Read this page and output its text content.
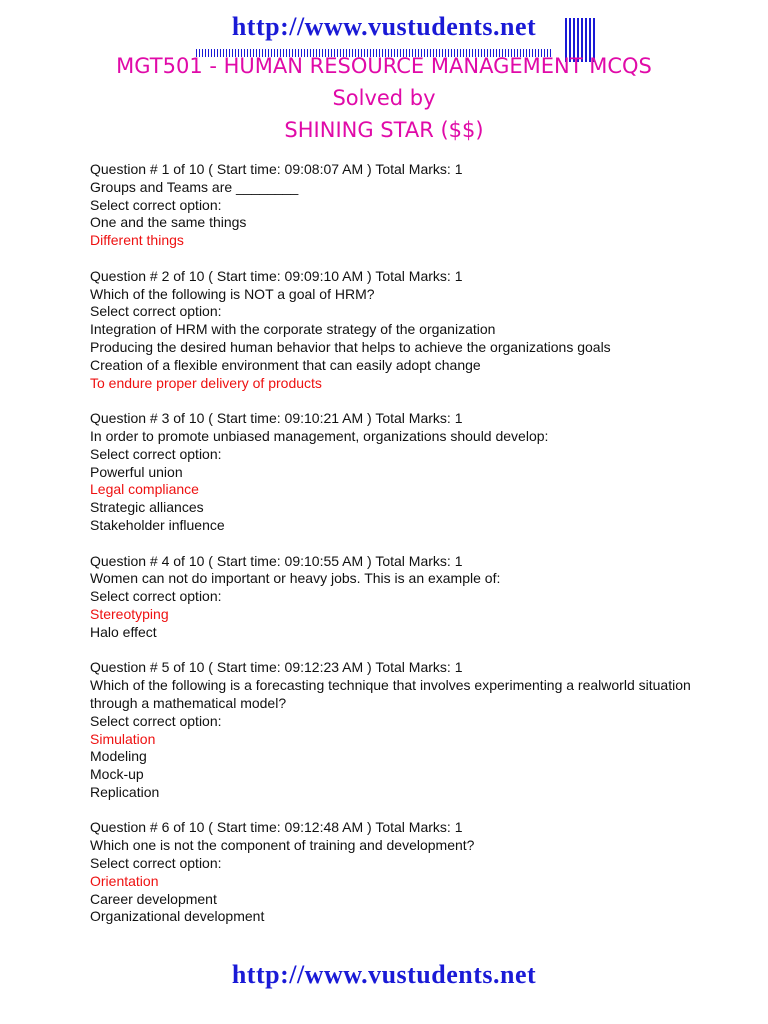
http://www.vustudents.net
MGT501 - HUMAN RESOURCE MANAGEMENT MCQS
Solved by
SHINING STAR ($$)
Question # 1 of 10 ( Start time: 09:08:07 AM ) Total Marks: 1
Groups and Teams are ________
Select correct option:
One and the same things
Different things
Question # 2 of 10 ( Start time: 09:09:10 AM ) Total Marks: 1
Which of the following is NOT a goal of HRM?
Select correct option:
Integration of HRM with the corporate strategy of the organization
Producing the desired human behavior that helps to achieve the organizations goals
Creation of a flexible environment that can easily adopt change
To endure proper delivery of products
Question # 3 of 10 ( Start time: 09:10:21 AM ) Total Marks: 1
In order to promote unbiased management, organizations should develop:
Select correct option:
Powerful union
Legal compliance
Strategic alliances
Stakeholder influence
Question # 4 of 10 ( Start time: 09:10:55 AM ) Total Marks: 1
Women can not do important or heavy jobs. This is an example of:
Select correct option:
Stereotyping
Halo effect
Question # 5 of 10 ( Start time: 09:12:23 AM ) Total Marks: 1
Which of the following is a forecasting technique that involves experimenting a realworld situation through a mathematical model?
Select correct option:
Simulation
Modeling
Mock-up
Replication
Question # 6 of 10 ( Start time: 09:12:48 AM ) Total Marks: 1
Which one is not the component of training and development?
Select correct option:
Orientation
Career development
Organizational development
http://www.vustudents.net
